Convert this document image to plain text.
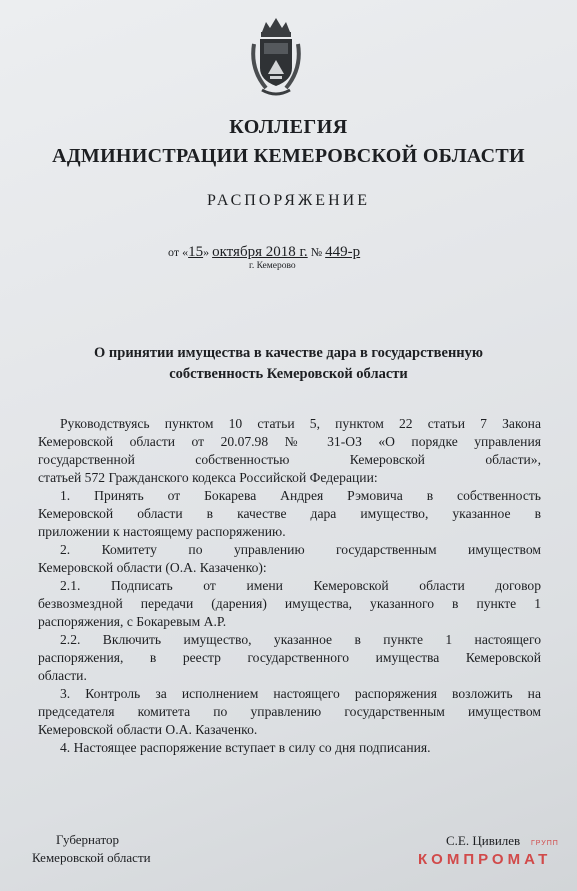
КОЛЛЕГИЯ
АДМИНИСТРАЦИИ КЕМЕРОВСКОЙ ОБЛАСТИ
РАСПОРЯЖЕНИЕ
от «15» октября 2018 г. № 449-р
г. Кемерово
О принятии имущества в качестве дара в государственную
собственность Кемеровской области
Руководствуясь пунктом 10 статьи 5, пунктом 22 статьи 7 Закона
Кемеровской области от 20.07.98 № 31-ОЗ «О порядке управления
государственной собственностью Кемеровской области»,
статьей 572 Гражданского кодекса Российской Федерации:
1. Принять от Бокарева Андрея Рэмовича в собственность
Кемеровской области в качестве дара имущество, указанное в
приложении к настоящему распоряжению.
2. Комитету по управлению государственным имуществом
Кемеровской области (О.А. Казаченко):
2.1. Подписать от имени Кемеровской области договор
безвозмездной передачи (дарения) имущества, указанного в пункте 1
распоряжения, с Бокаревым А.Р.
2.2. Включить имущество, указанное в пункте 1 настоящего
распоряжения, в реестр государственного имущества Кемеровской
области.
3. Контроль за исполнением настоящего распоряжения возложить на
председателя комитета по управлению государственным имуществом
Кемеровской области О.А. Казаченко.
4. Настоящее распоряжение вступает в силу со дня подписания.
Губернатор
Кемеровской области
С.Е. Цивилев ГРУПП
КОМПРОМАТ
